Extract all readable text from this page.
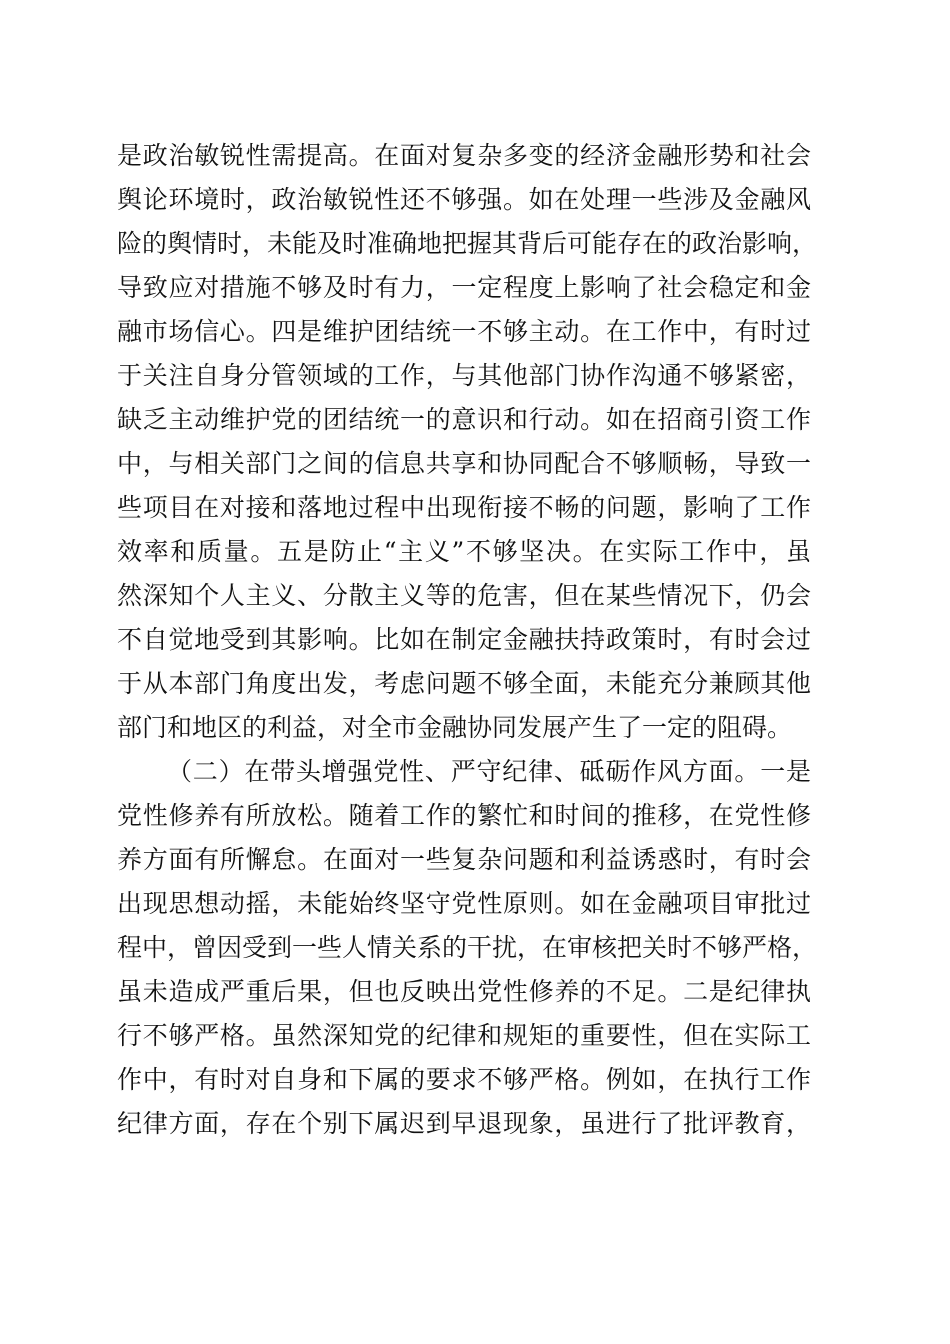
是政治敏锐性需提高。在面对复杂多变的经济金融形势和社会
舆论环境时，政治敏锐性还不够强。如在处理一些涉及金融风
险的舆情时，未能及时准确地把握其背后可能存在的政治影响，
导致应对措施不够及时有力，一定程度上影响了社会稳定和金
融市场信心。四是维护团结统一不够主动。在工作中，有时过
于关注自身分管领域的工作，与其他部门协作沟通不够紧密，
缺乏主动维护党的团结统一的意识和行动。如在招商引资工作
中，与相关部门之间的信息共享和协同配合不够顺畅，导致一
些项目在对接和落地过程中出现衔接不畅的问题，影响了工作
效率和质量。五是防止“主义”不够坚决。在实际工作中，虽
然深知个人主义、分散主义等的危害，但在某些情况下，仍会
不自觉地受到其影响。比如在制定金融扶持政策时，有时会过
于从本部门角度出发，考虑问题不够全面，未能充分兼顾其他
部门和地区的利益，对全市金融协同发展产生了一定的阻碍。
（二）在带头增强党性、严守纪律、砥砺作风方面。一是
党性修养有所放松。随着工作的繁忙和时间的推移，在党性修
养方面有所懈怠。在面对一些复杂问题和利益诱惑时，有时会
出现思想动摇，未能始终坚守党性原则。如在金融项目审批过
程中，曾因受到一些人情关系的干扰，在审核把关时不够严格，
虽未造成严重后果，但也反映出党性修养的不足。二是纪律执
行不够严格。虽然深知党的纪律和规矩的重要性，但在实际工
作中，有时对自身和下属的要求不够严格。例如，在执行工作
纪律方面，存在个别下属迟到早退现象，虽进行了批评教育，
